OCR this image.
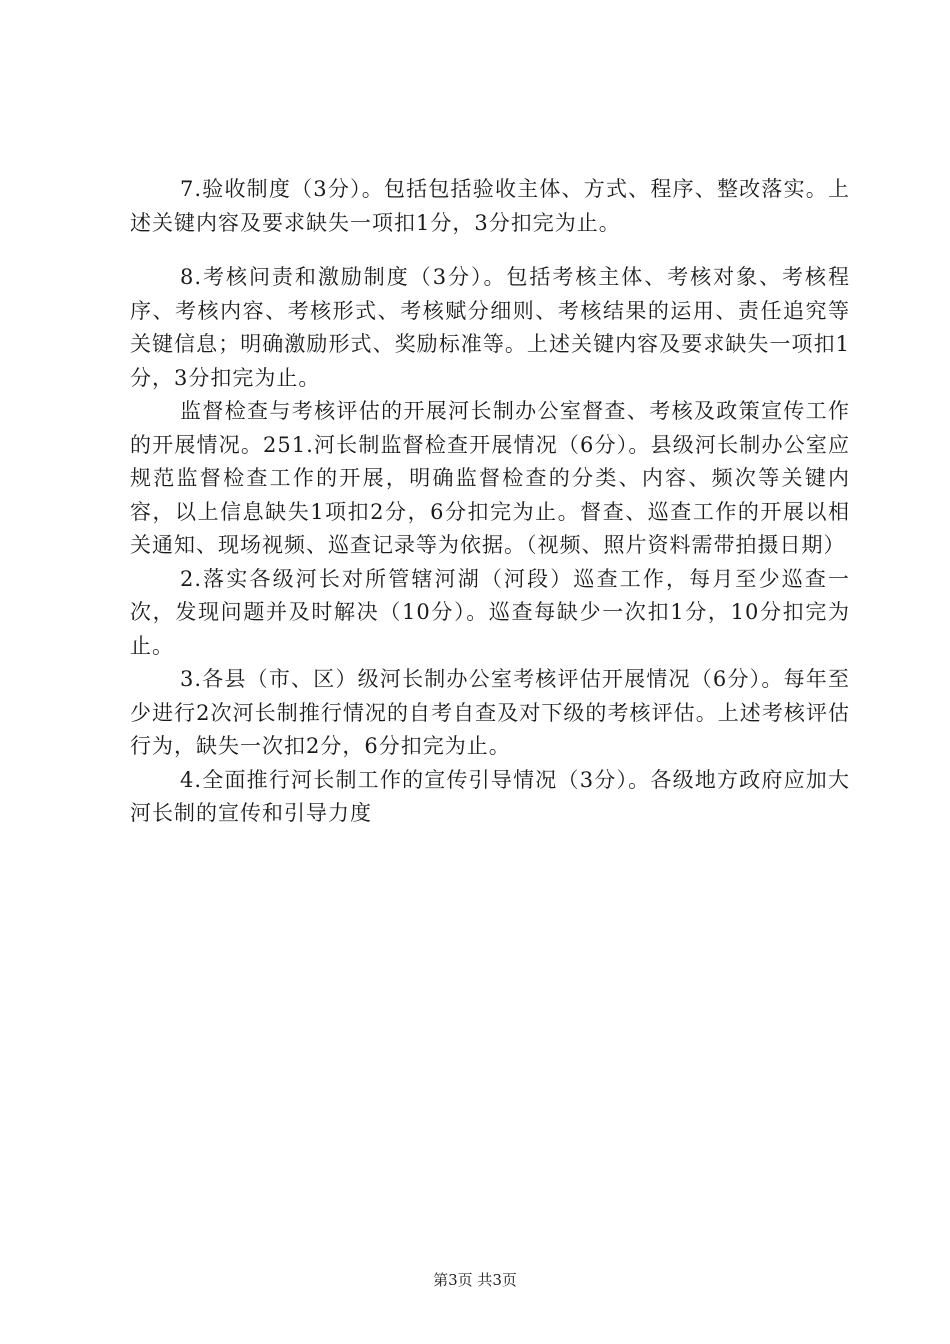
7.验收制度（3分）。包括包括验收主体、方式、程序、整改落实。上述关键内容及要求缺失一项扣1分，3分扣完为止。

8.考核问责和激励制度（3分）。包括考核主体、考核对象、考核程序、考核内容、考核形式、考核赋分细则、考核结果的运用、责任追究等关键信息；明确激励形式、奖励标准等。上述关键内容及要求缺失一项扣1分，3分扣完为止。

监督检查与考核评估的开展河长制办公室督查、考核及政策宣传工作的开展情况。251.河长制监督检查开展情况（6分）。县级河长制办公室应规范监督检查工作的开展，明确监督检查的分类、内容、频次等关键内容，以上信息缺失1项扣2分，6分扣完为止。督查、巡查工作的开展以相关通知、现场视频、巡查记录等为依据。（视频、照片资料需带拍摄日期）

2.落实各级河长对所管辖河湖（河段）巡查工作，每月至少巡查一次，发现问题并及时解决（10分）。巡查每缺少一次扣1分，10分扣完为止。

3.各县（市、区）级河长制办公室考核评估开展情况（6分）。每年至少进行2次河长制推行情况的自考自查及对下级的考核评估。上述考核评估行为，缺失一次扣2分，6分扣完为止。

4.全面推行河长制工作的宣传引导情况（3分）。各级地方政府应加大河长制的宣传和引导力度

第3页 共3页
